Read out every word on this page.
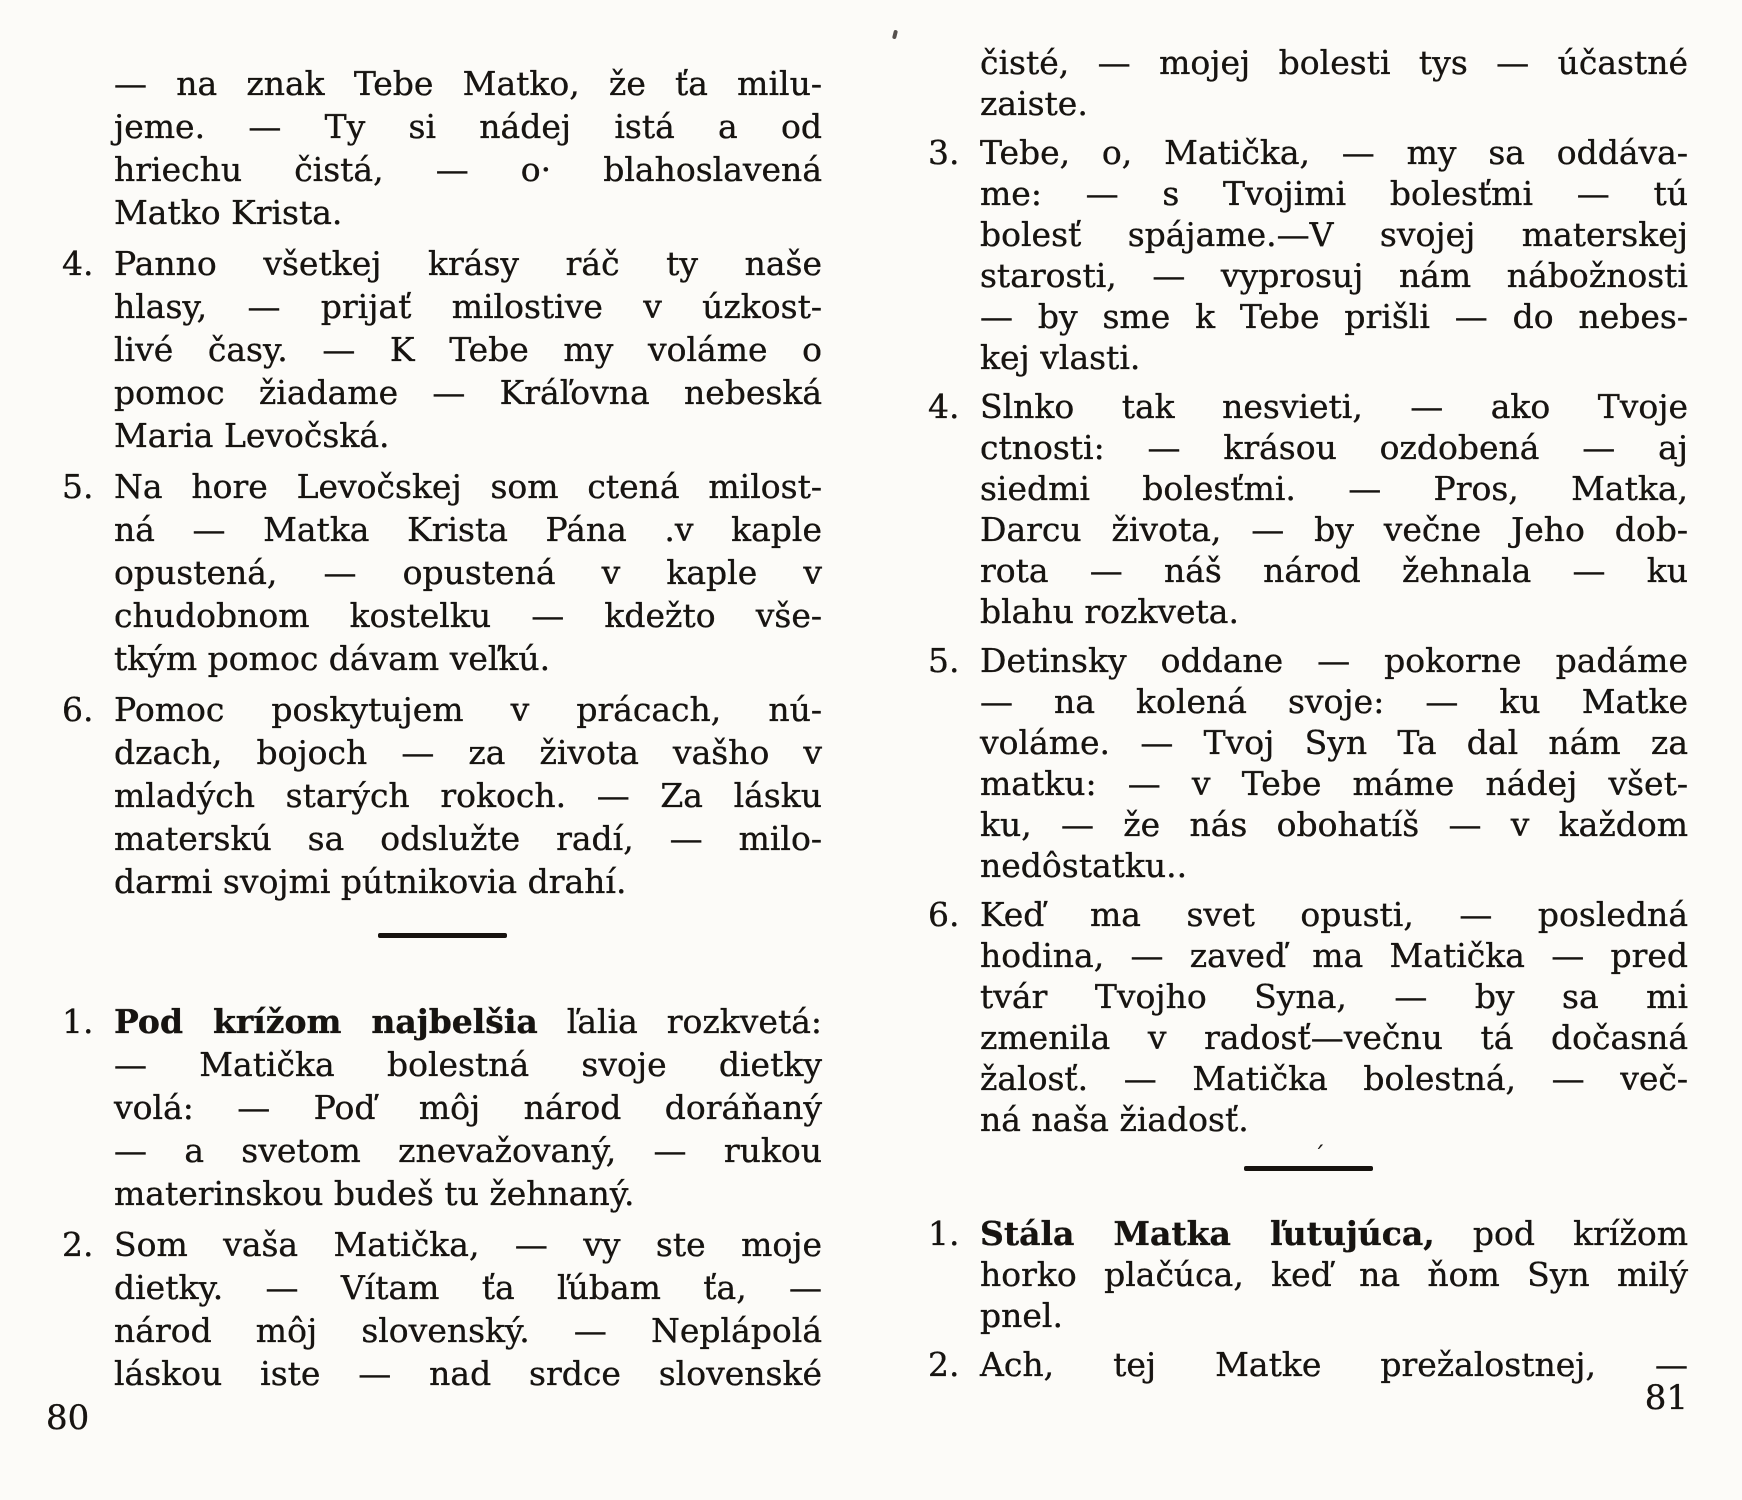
— na znak Tebe Matko, že ťa milu-
jeme. — Ty si nádej istá a od
hriechu čistá, — o· blahoslavená
Matko Krista.
4. Panno všetkej krásy ráč ty naše
hlasy, — prijať milostive v úzkost-
livé časy. — K Tebe my voláme o
pomoc žiadame — Kráľovna nebeská
Maria Levočská.
5. Na hore Levočskej som ctená milost-
ná — Matka Krista Pána .v kaple
opustená, — opustená v kaple v
chudobnom kostelku — kdežto vše-
tkým pomoc dávam veľkú.
6. Pomoc poskytujem v prácach, nú-
dzach, bojoch — za života vašho v
mladých starých rokoch. — Za lásku
materskú sa odslužte radí, — milo-
darmi svojmi pútnikovia drahí.
1. Pod krížom najbelšia ľalia rozkvetá:
— Matička bolestná svoje dietky
volá: — Poď môj národ doráňaný
— a svetom znevažovaný, — rukou
materinskou budeš tu žehnaný.
2. Som vaša Matička, — vy ste moje
dietky. — Vítam ťa ľúbam ťa, —
národ môj slovenský. — Neplápolá
láskou iste — nad srdce slovenské
čisté, — mojej bolesti tys — účastné
zaiste.
3. Tebe, o, Matička, — my sa oddáva-
me: — s Tvojimi bolesťmi — tú
bolesť spájame.—V svojej materskej
starosti, — vyprosuj nám nábožnosti
— by sme k Tebe prišli — do nebes-
kej vlasti.
4. Slnko tak nesvieti, — ako Tvoje
ctnosti: — krásou ozdobená — aj
siedmi bolesťmi. — Pros, Matka,
Darcu života, — by večne Jeho dob-
rota — náš národ žehnala — ku
blahu rozkveta.
5. Detinsky oddane — pokorne padáme
— na kolená svoje: — ku Matke
voláme. — Tvoj Syn Ta dal nám za
matku: — v Tebe máme nádej všet-
ku, — že nás obohatíš — v každom
nedôstatku..
6. Keď ma svet opusti, — posledná
hodina, — zaveď ma Matička — pred
tvár Tvojho Syna, — by sa mi
zmenila v radosť—večnu tá dočasná
žalosť. — Matička bolestná, — več-
ná naša žiadosť.
´
1. Stála Matka ľutujúca, pod krížom
horko plačúca, keď na ňom Syn milý
pnel.
2. Ach, tej Matke prežalostnej, —
80	81
